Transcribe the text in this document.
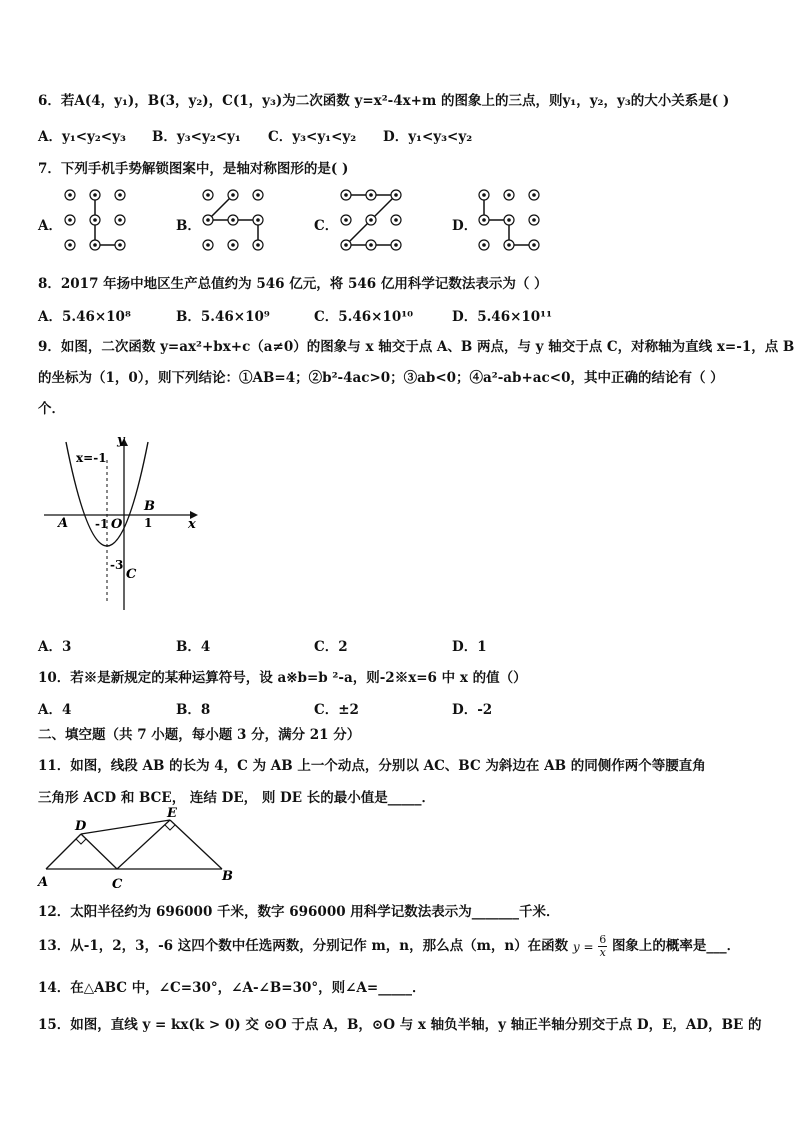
6．若A(4，y₁)，B(3，y₂)，C(1，y₃)为二次函数 y=x²-4x+m 的图象上的三点，则y₁，y₂，y₃的大小关系是( )
A．y₁<y₂<y₃ B．y₃<y₂<y₁ C．y₃<y₁<y₂ D．y₁<y₃<y₂
7．下列手机手势解锁图案中，是轴对称图形的是( )
A．	B．	C．	D．
8．2017 年扬中地区生产总值约为 546 亿元，将 546 亿用科学记数法表示为（ ）
A．5.46×10⁸	B．5.46×10⁹	C．5.46×10¹⁰	D．5.46×10¹¹
9．如图，二次函数 y=ax²+bx+c（a≠0）的图象与 x 轴交于点 A、B 两点，与 y 轴交于点 C，对称轴为直线 x=-1，点 B
的坐标为（1，0），则下列结论：①AB=4；②b²-4ac>0；③ab<0；④a²-ab+ac<0，其中正确的结论有（ ）
个．
y
x
x=-1
B
A -1 O 1
-3
C
A．3	B．4	C．2	D．1
10．若※是新规定的某种运算符号，设 a※b=b ²-a，则-2※x=6 中 x 的值（）
A．4	B．8	C．±2	D．-2
二、填空题（共 7 小题，每小题 3 分，满分 21 分）
11．如图，线段 AB 的长为 4，C 为 AB 上一个动点，分别以 AC、BC 为斜边在 AB 的同侧作两个等腰直角
三角形 ACD 和 BCE， 连结 DE， 则 DE 长的最小值是_____．
D
E
A	C
B
12．太阳半径约为 696000 千米，数字 696000 用科学记数法表示为_______千米．
13．从-1，2，3，-6 这四个数中任选两数，分别记作 m，n，那么点（m，n）在函数 $y = \frac{6}{x}$ 图象上的概率是___．
14．在△ABC 中，∠C=30°，∠A-∠B=30°，则∠A=_____．
15．如图，直线 y = kx(k > 0) 交 ⊙O 于点 A，B，⊙O 与 x 轴负半轴，y 轴正半轴分别交于点 D，E，AD，BE 的
